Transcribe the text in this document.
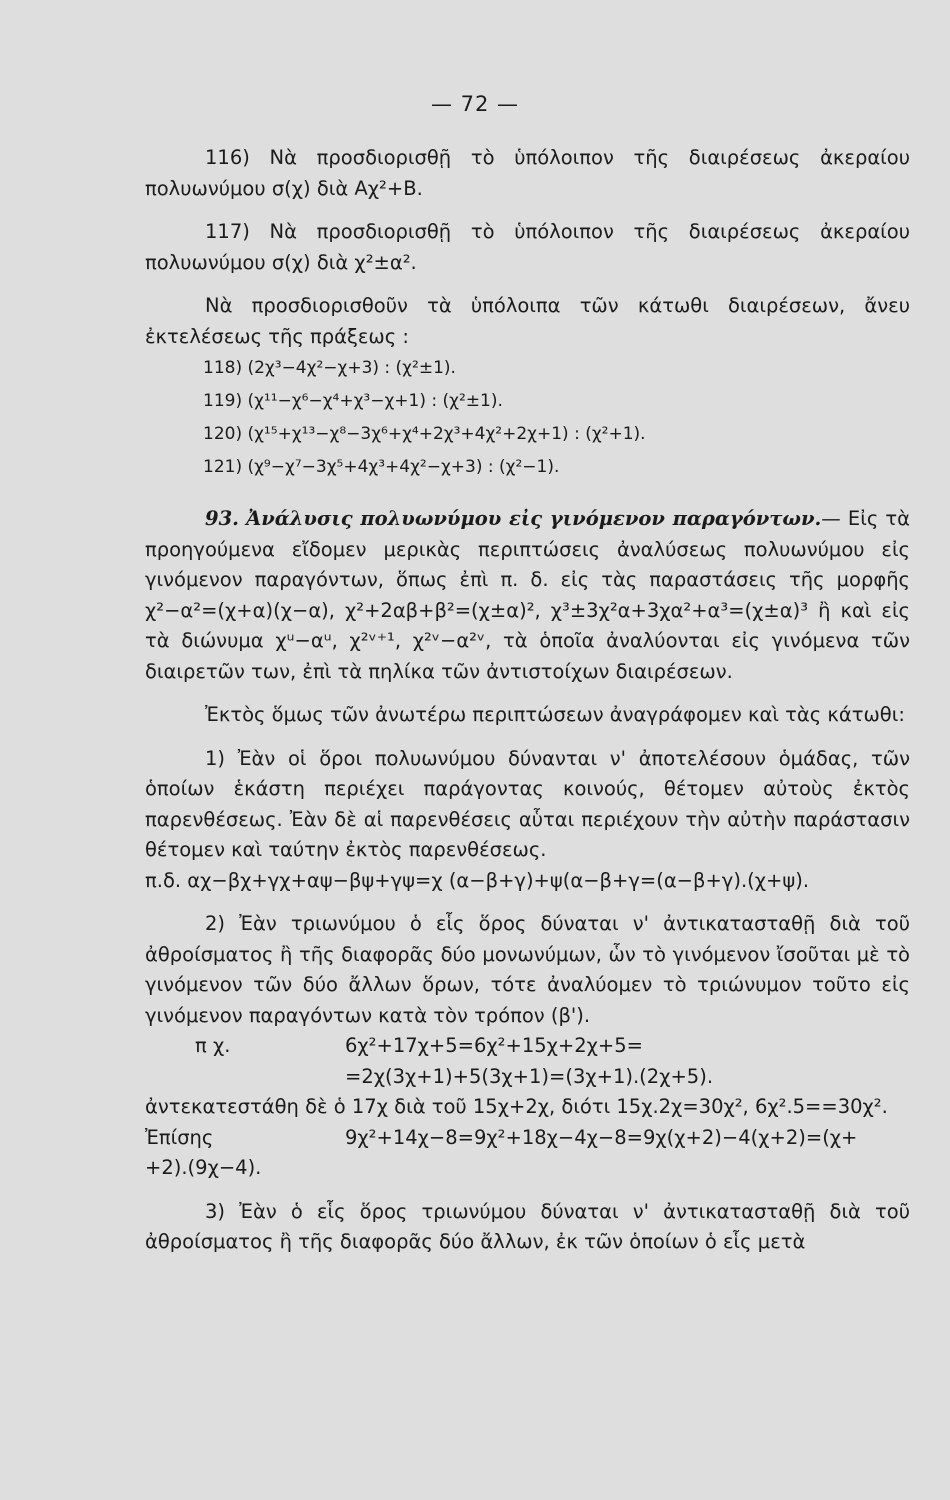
— 72 —

116) Νὰ προσδιορισθῇ τὸ ὑπόλοιπον τῆς διαιρέσεως ἀκεραίου πολυωνύμου σ(χ) διὰ Αχ²+Β.

117) Νὰ προσδιορισθῇ τὸ ὑπόλοιπον τῆς διαιρέσεως ἀκεραίου πολυωνύμου σ(χ) διὰ χ²±α².

Νὰ προσδιορισθοῦν τὰ ὑπόλοιπα τῶν κάτωθι διαιρέσεων, ἄνευ ἐκτελέσεως τῆς πράξεως :

118) (2χ³−4χ²−χ+3) : (χ²±1).

119) (χ¹¹−χ⁶−χ⁴+χ³−χ+1) : (χ²±1).

120) (χ¹⁵+χ¹³−χ⁸−3χ⁶+χ⁴+2χ³+4χ²+2χ+1) : (χ²+1).

121) (χ⁹−χ⁷−3χ⁵+4χ³+4χ²−χ+3) : (χ²−1).

93. Ἀνάλυσις πολυωνύμου εἰς γινόμενον παραγόντων.— Εἰς τὰ προηγούμενα εἴδομεν μερικὰς περιπτώσεις ἀναλύσεως πολυωνύμου εἰς γινόμενον παραγόντων, ὅπως ἐπὶ π. δ. εἰς τὰς παραστάσεις τῆς μορφῆς χ²−α²=(χ+α)(χ−α), χ²+2αβ+β²=(χ±α)², χ³±3χ²α+3χα²+α³=(χ±α)³ ἢ καὶ εἰς τὰ διώνυμα χᵘ−αᵘ, χ²ᵛ⁺¹, χ²ᵛ−α²ᵛ, τὰ ὁποῖα ἀναλύονται εἰς γινόμενα τῶν διαιρετῶν των, ἐπὶ τὰ πηλίκα τῶν ἀντιστοίχων διαιρέσεων.

Ἐκτὸς ὅμως τῶν ἀνωτέρω περιπτώσεων ἀναγράφομεν καὶ τὰς κάτωθι:

1) Ἐὰν οἱ ὅροι πολυωνύμου δύνανται ν' ἀποτελέσουν ὁμάδας, τῶν ὁποίων ἑκάστη περιέχει παράγοντας κοινούς, θέτομεν αὐτοὺς ἐκτὸς παρενθέσεως. Ἐὰν δὲ αἱ παρενθέσεις αὗται περιέχουν τὴν αὐτὴν παράστασιν θέτομεν καὶ ταύτην ἐκτὸς παρενθέσεως.

π.δ. αχ−βχ+γχ+αψ−βψ+γψ=χ (α−β+γ)+ψ(α−β+γ=(α−β+γ).(χ+ψ).

2) Ἐὰν τριωνύμου ὁ εἷς ὅρος δύναται ν' ἀντικατασταθῇ διὰ τοῦ ἀθροίσματος ἢ τῆς διαφορᾶς δύο μονωνύμων, ὧν τὸ γινόμενον ἴσοῦται μὲ τὸ γινόμενον τῶν δύο ἄλλων ὅρων, τότε ἀναλύομεν τὸ τριώνυμον τοῦτο εἰς γινόμενον παραγόντων κατὰ τὸν τρόπον (β').

π χ.	6χ²+17χ+5=6χ²+15χ+2χ+5=

=2χ(3χ+1)+5(3χ+1)=(3χ+1).(2χ+5).

ἀντεκατεστάθη δὲ ὁ 17χ διὰ τοῦ 15χ+2χ, διότι 15χ.2χ=30χ², 6χ².5==30χ².

Ἐπίσης	9χ²+14χ−8=9χ²+18χ−4χ−8=9χ(χ+2)−4(χ+2)=(χ+

+2).(9χ−4).

3) Ἐὰν ὁ εἷς ὅρος τριωνύμου δύναται ν' ἀντικατασταθῇ διὰ τοῦ ἀθροίσματος ἢ τῆς διαφορᾶς δύο ἄλλων, ἐκ τῶν ὁποίων ὁ εἷς μετὰ
